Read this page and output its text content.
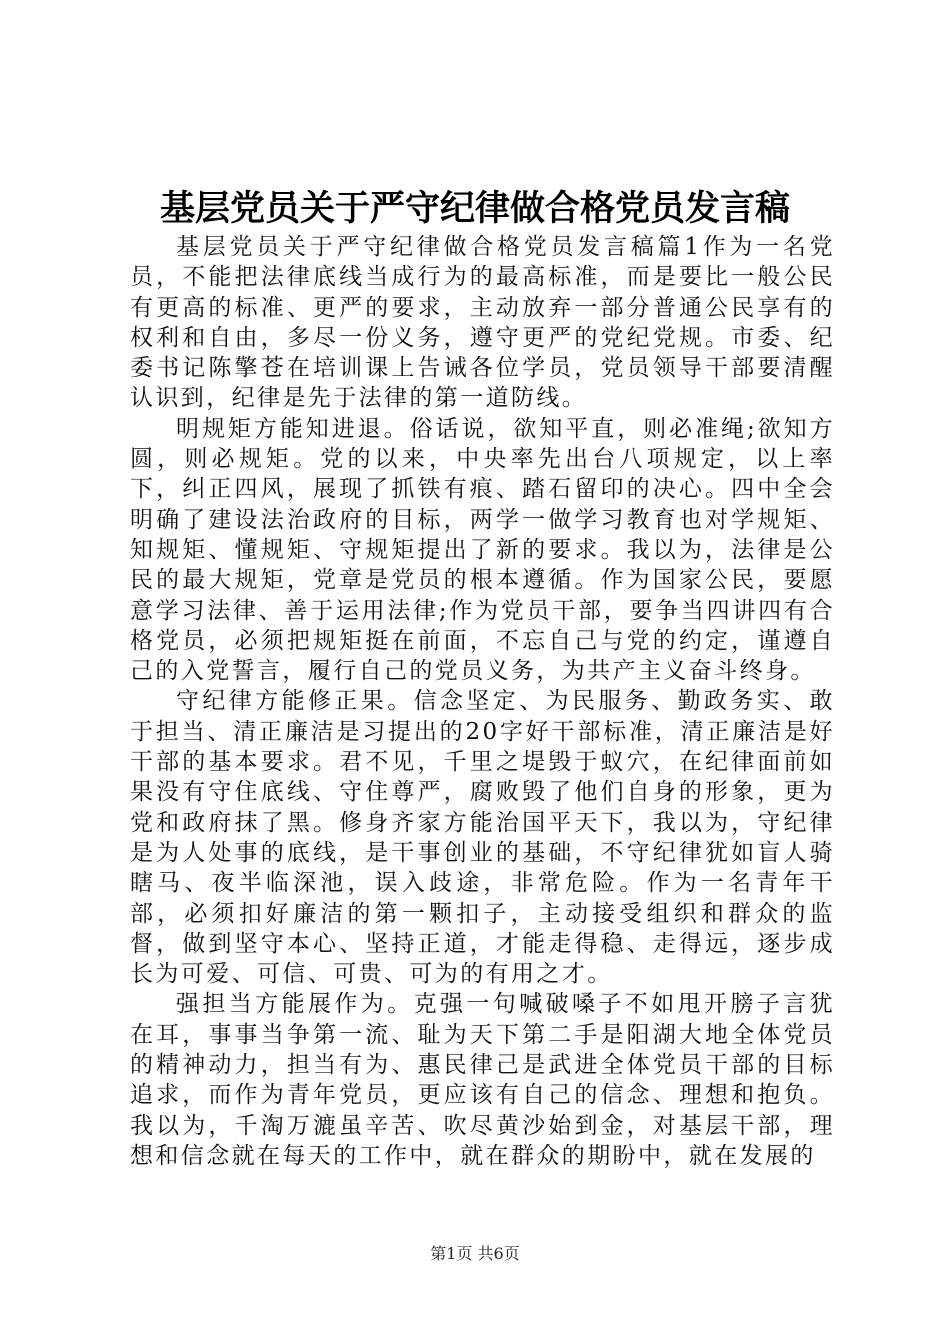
基层党员关于严守纪律做合格党员发言稿

基层党员关于严守纪律做合格党员发言稿篇1作为一名党员，不能把法律底线当成行为的最高标准，而是要比一般公民有更高的标准、更严的要求，主动放弃一部分普通公民享有的权利和自由，多尽一份义务，遵守更严的党纪党规。市委、纪委书记陈擎苍在培训课上告诫各位学员，党员领导干部要清醒认识到，纪律是先于法律的第一道防线。

明规矩方能知进退。俗话说，欲知平直，则必准绳;欲知方圆，则必规矩。党的以来，中央率先出台八项规定，以上率下，纠正四风，展现了抓铁有痕、踏石留印的决心。四中全会明确了建设法治政府的目标，两学一做学习教育也对学规矩、知规矩、懂规矩、守规矩提出了新的要求。我以为，法律是公民的最大规矩，党章是党员的根本遵循。作为国家公民，要愿意学习法律、善于运用法律;作为党员干部，要争当四讲四有合格党员，必须把规矩挺在前面，不忘自己与党的约定，谨遵自己的入党誓言，履行自己的党员义务，为共产主义奋斗终身。

守纪律方能修正果。信念坚定、为民服务、勤政务实、敢于担当、清正廉洁是习提出的20字好干部标准，清正廉洁是好干部的基本要求。君不见，千里之堤毁于蚁穴，在纪律面前如果没有守住底线、守住尊严，腐败毁了他们自身的形象，更为党和政府抹了黑。修身齐家方能治国平天下，我以为，守纪律是为人处事的底线，是干事创业的基础，不守纪律犹如盲人骑瞎马、夜半临深池，误入歧途，非常危险。作为一名青年干部，必须扣好廉洁的第一颗扣子，主动接受组织和群众的监督，做到坚守本心、坚持正道，才能走得稳、走得远，逐步成长为可爱、可信、可贵、可为的有用之才。

强担当方能展作为。克强一句喊破嗓子不如甩开膀子言犹在耳，事事当争第一流、耻为天下第二手是阳湖大地全体党员的精神动力，担当有为、惠民律己是武进全体党员干部的目标追求，而作为青年党员，更应该有自己的信念、理想和抱负。我以为，千淘万漉虽辛苦、吹尽黄沙始到金，对基层干部，理想和信念就在每天的工作中，就在群众的期盼中，就在发展的

第1页 共6页
